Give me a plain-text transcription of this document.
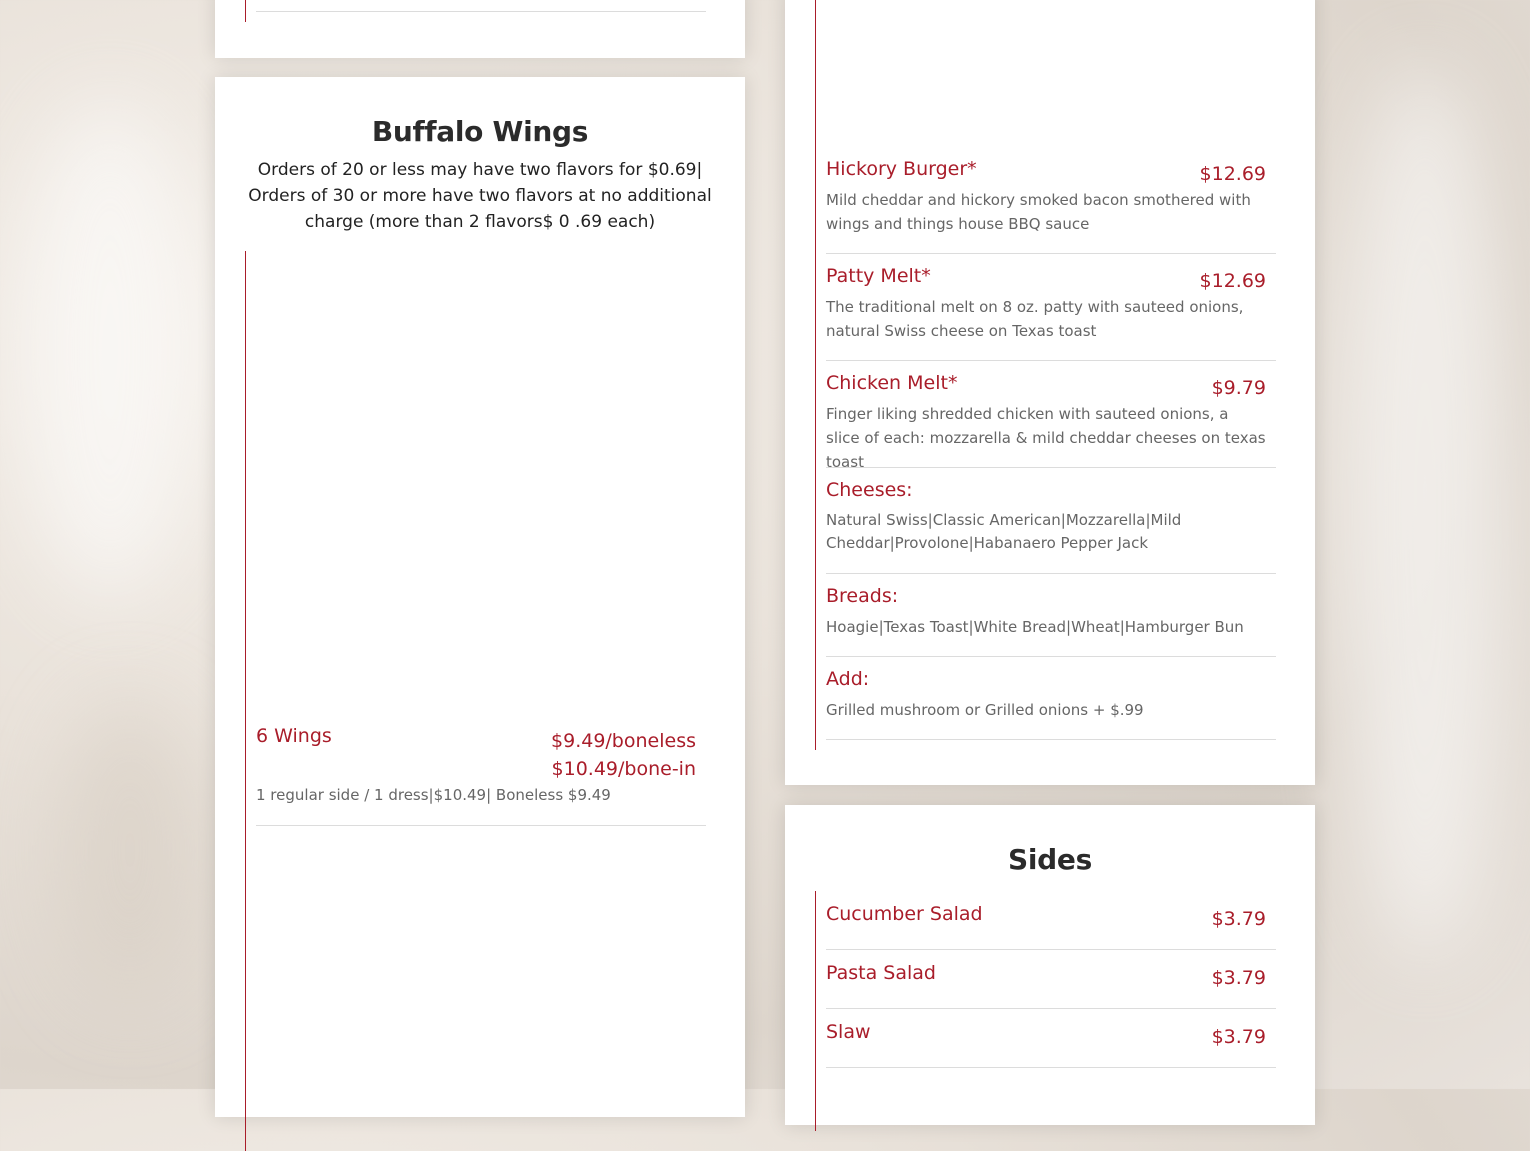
Buffalo Wings
Orders of 20 or less may have two flavors for $0.69| Orders of 30 or more have two flavors at no additional charge (more than 2 flavors$ 0 .69 each)
6 Wings	$9.49/boneless
$10.49/bone-in
1 regular side / 1 dress|$10.49| Boneless $9.49
Hickory Burger*	$12.69
Mild cheddar and hickory smoked bacon smothered with wings and things house BBQ sauce
Patty Melt*	$12.69
The traditional melt on 8 oz. patty with sauteed onions, natural Swiss cheese on Texas toast
Chicken Melt*	$9.79
Finger liking shredded chicken with sauteed onions, a slice of each: mozzarella & mild cheddar cheeses on texas toast
Cheeses:
Natural Swiss|Classic American|Mozzarella|Mild Cheddar|Provolone|Habanaero Pepper Jack
Breads:
Hoagie|Texas Toast|White Bread|Wheat|Hamburger Bun
Add:
Grilled mushroom or Grilled onions + $.99
Sides
Cucumber Salad	$3.79
Pasta Salad	$3.79
Slaw	$3.79
